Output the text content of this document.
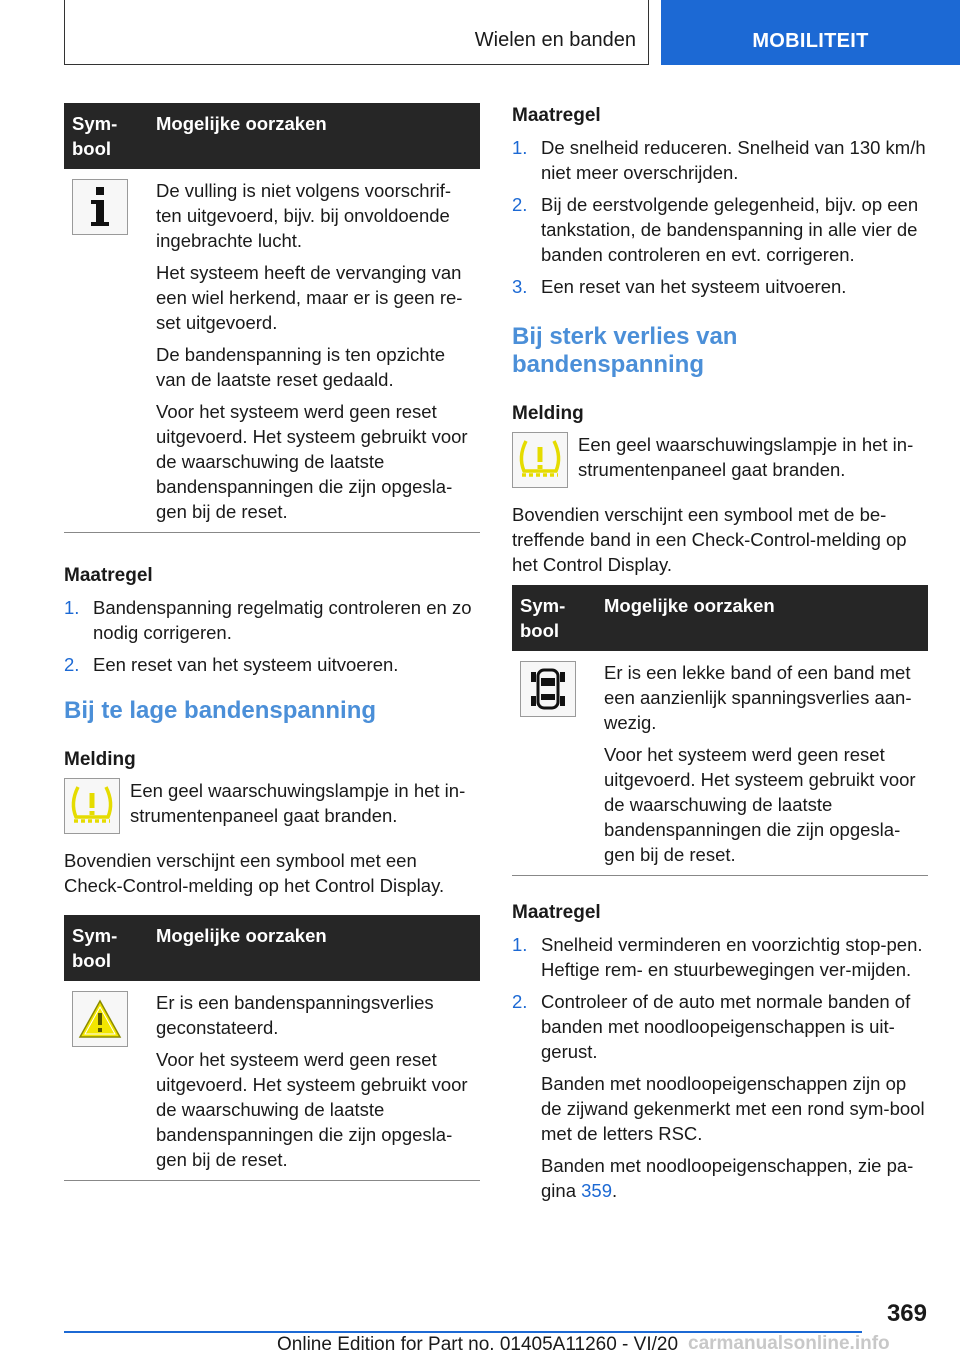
Wielen en banden	MOBILITEIT
Sym-
bool	Mogelijke oorzaken

De vulling is niet volgens voorschrif-ten uitgevoerd, bijv. bij onvoldoende ingebrachte lucht.

Het systeem heeft de vervanging van een wiel herkend, maar er is geen re-set uitgevoerd.

De bandenspanning is ten opzichte van de laatste reset gedaald.

Voor het systeem werd geen reset uitgevoerd. Het systeem gebruikt voor de waarschuwing de laatste bandenspanningen die zijn opgesla-gen bij de reset.

Maatregel
1. Bandenspanning regelmatig controleren en zo nodig corrigeren.
2. Een reset van het systeem uitvoeren.
Bij te lage bandenspanning
Melding
Een geel waarschuwingslampje in het in-strumentenpaneel gaat branden.

Bovendien verschijnt een symbool met een Check-Control-melding op het Control Display.

Sym-
bool	Mogelijke oorzaken

Er is een bandenspanningsverlies geconstateerd.

Voor het systeem werd geen reset uitgevoerd. Het systeem gebruikt voor de waarschuwing de laatste bandenspanningen die zijn opgesla-gen bij de reset.

Maatregel
1. De snelheid reduceren. Snelheid van 130 km/h niet meer overschrijden.
2. Bij de eerstvolgende gelegenheid, bijv. op een tankstation, de bandenspanning in alle vier de banden controleren en evt. corrigeren.
3. Een reset van het systeem uitvoeren.
Bij sterk verlies van bandenspanning
Melding
Een geel waarschuwingslampje in het in-strumentenpaneel gaat branden.

Bovendien verschijnt een symbool met de be-treffende band in een Check-Control-melding op het Control Display.

Sym-
bool	Mogelijke oorzaken

Er is een lekke band of een band met een aanzienlijk spanningsverlies aan-wezig.

Voor het systeem werd geen reset uitgevoerd. Het systeem gebruikt voor de waarschuwing de laatste bandenspanningen die zijn opgesla-gen bij de reset.

Maatregel
1. Snelheid verminderen en voorzichtig stop-pen. Heftige rem- en stuurbewegingen ver-mijden.
2. Controleer of de auto met normale banden of banden met noodloopeigenschappen is uit-gerust.

Banden met noodloopeigenschappen zijn op de zijwand gekenmerkt met een rond sym-bool met de letters RSC.

Banden met noodloopeigenschappen, zie pa-gina 359.

369
Online Edition for Part no. 01405A11260 - VI/20 carmanualsonline.info
